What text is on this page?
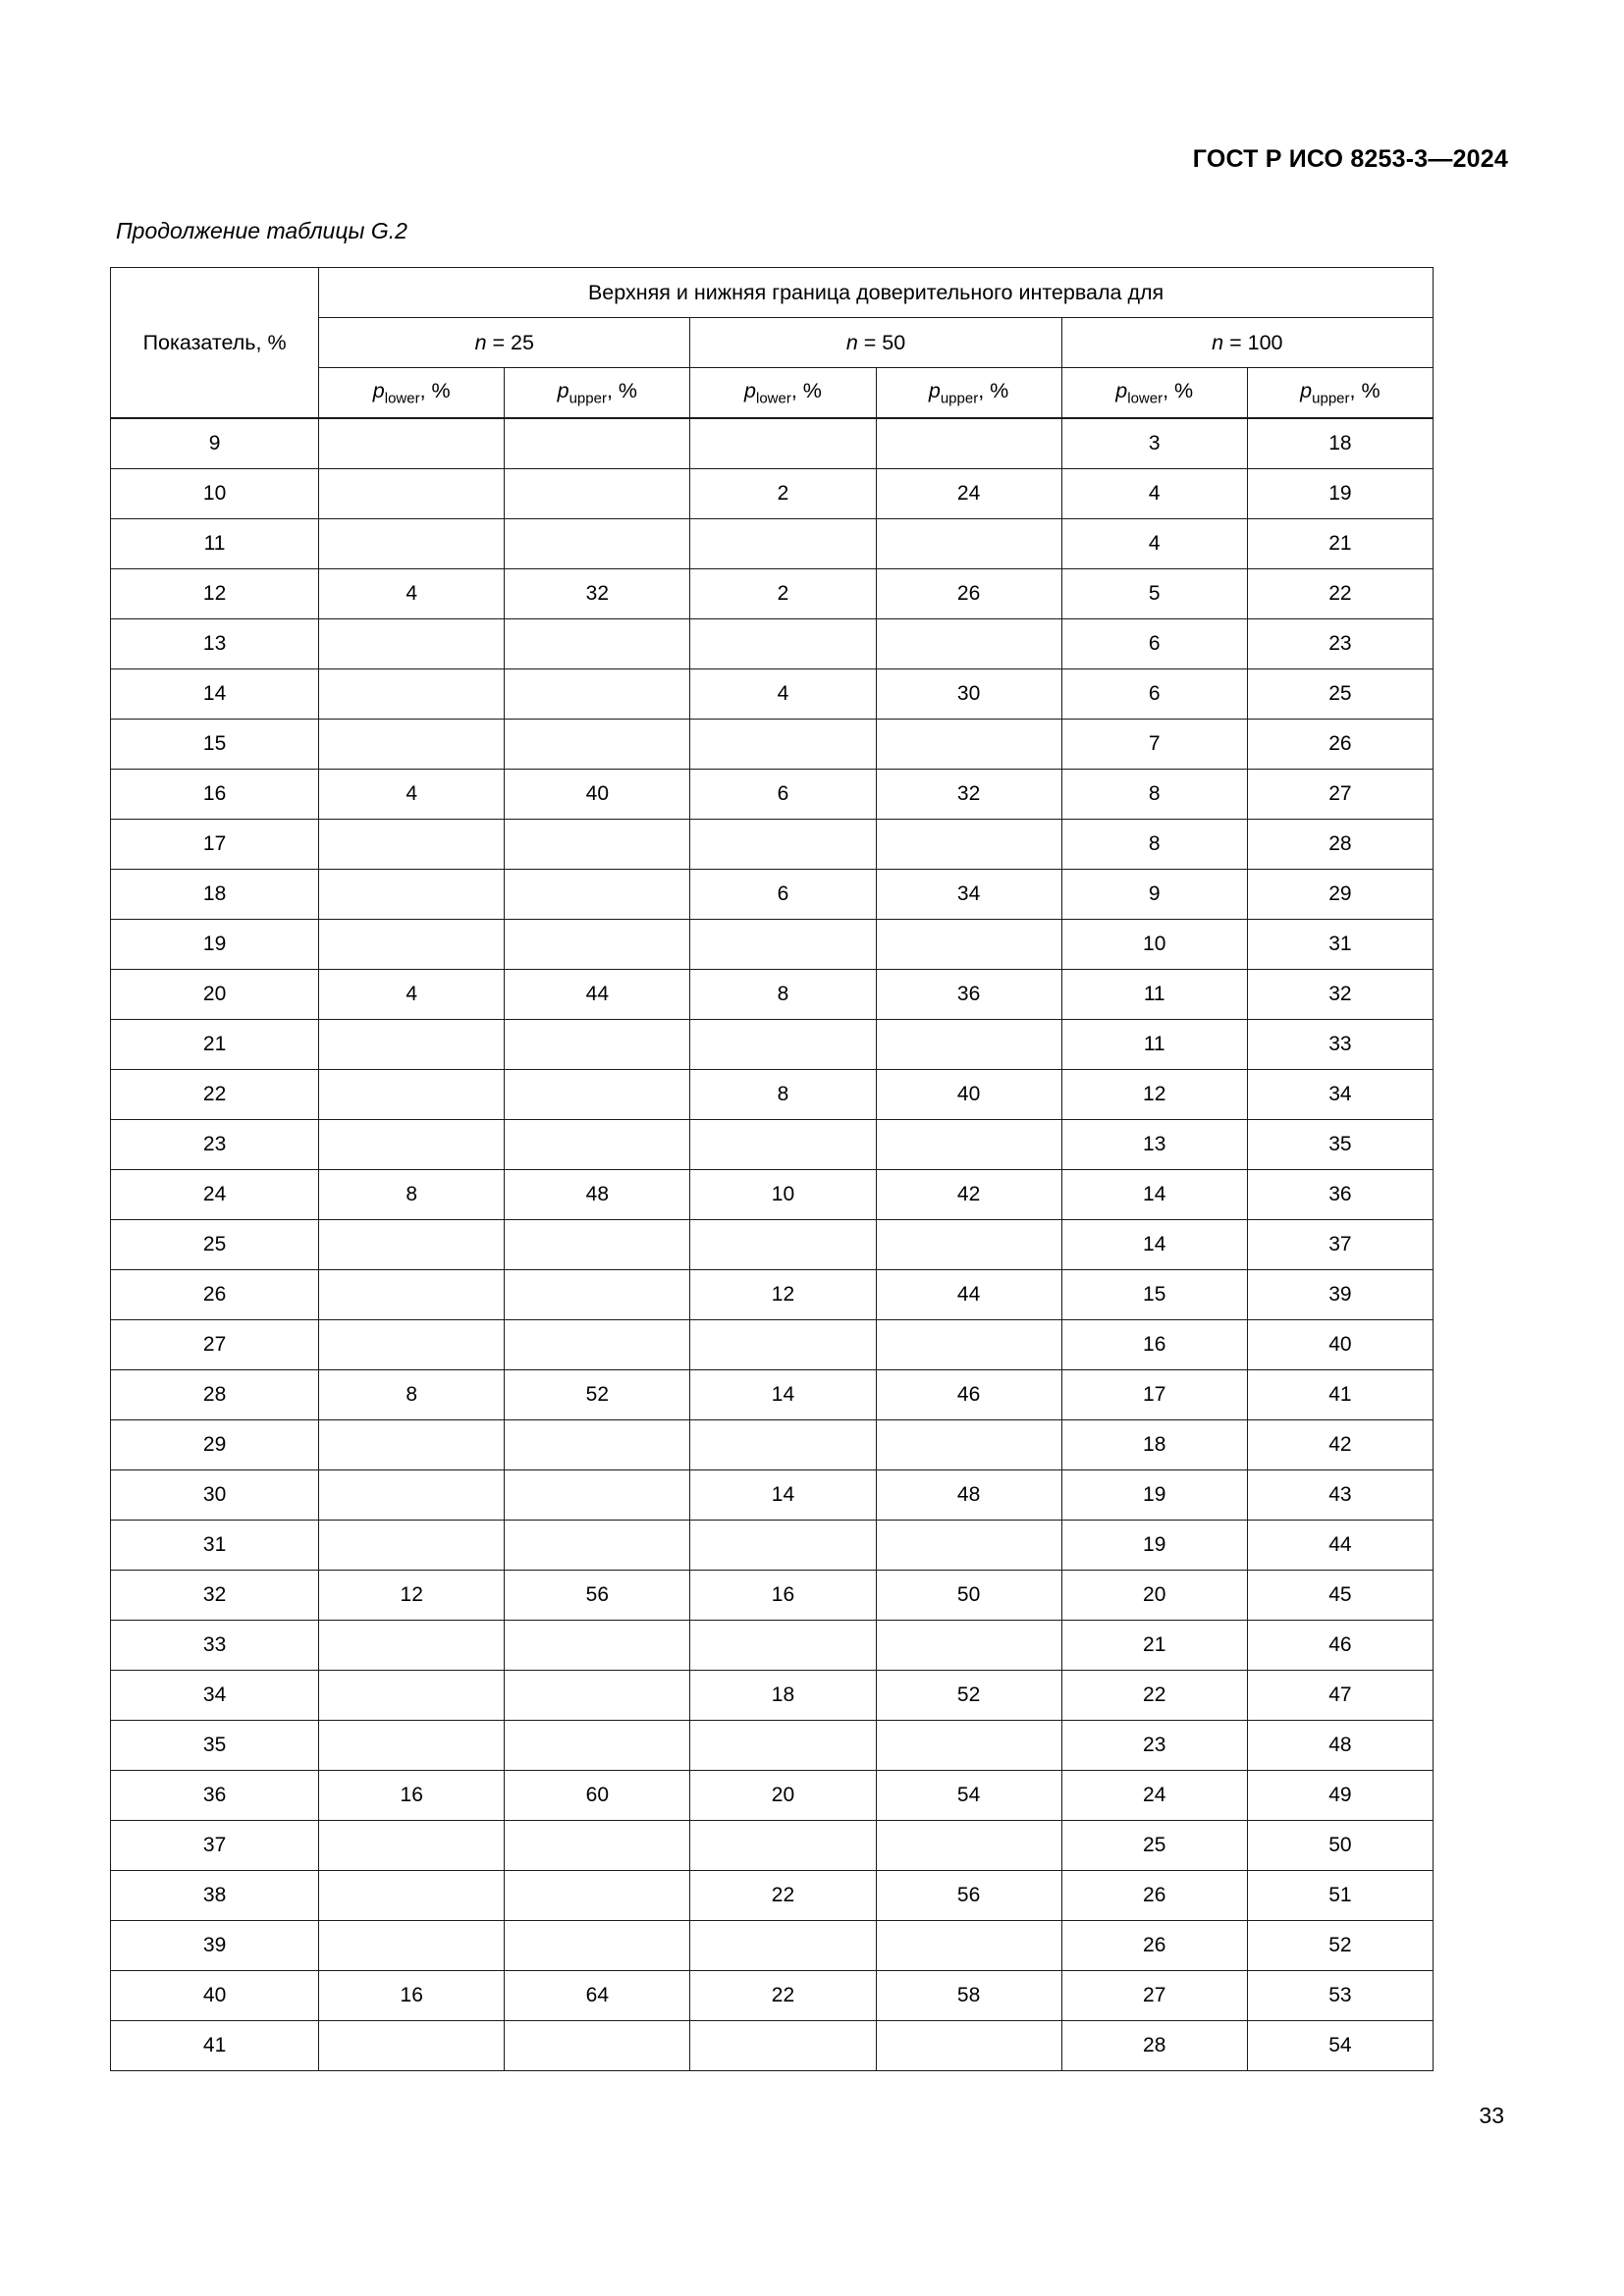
ГОСТ Р ИСО 8253-3—2024
Продолжение таблицы G.2
Показатель, %	Верхняя и нижняя граница доверительного интервала для					
	n = 25		n = 50		n = 100	
	$p_{lower}$, %	$p_{upper}$, %	$p_{lower}$, %	$p_{upper}$, %	$p_{lower}$, %	$p_{upper}$, %
9					3	18
10			2	24	4	19
11					4	21
12	4	32	2	26	5	22
13					6	23
14			4	30	6	25
15					7	26
16	4	40	6	32	8	27
17					8	28
18			6	34	9	29
19					10	31
20	4	44	8	36	11	32
21					11	33
22			8	40	12	34
23					13	35
24	8	48	10	42	14	36
25					14	37
26			12	44	15	39
27					16	40
28	8	52	14	46	17	41
29					18	42
30			14	48	19	43
31					19	44
32	12	56	16	50	20	45
33					21	46
34			18	52	22	47
35					23	48
36	16	60	20	54	24	49
37					25	50
38			22	56	26	51
39					26	52
40	16	64	22	58	27	53
41					28	54
33
